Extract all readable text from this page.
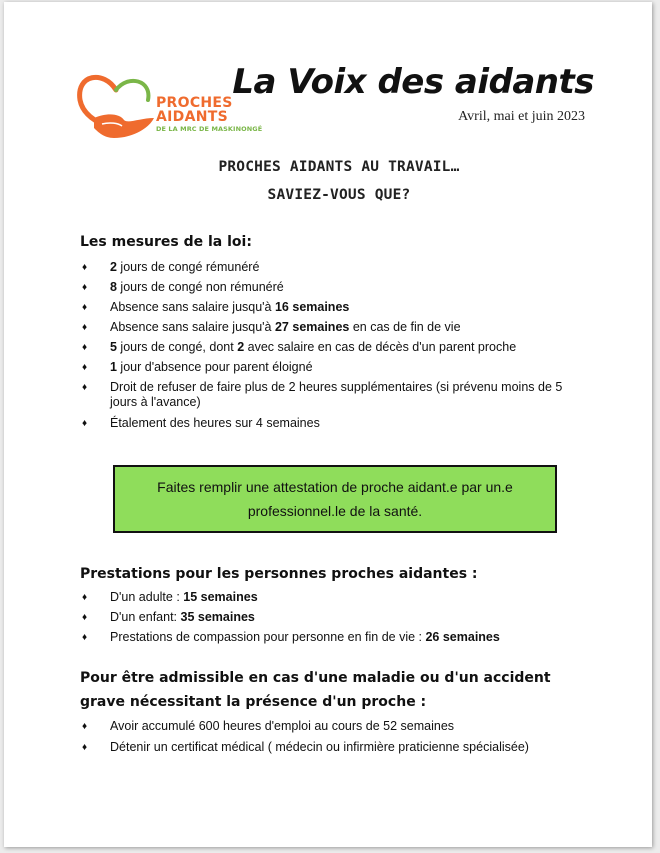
PROCHES
AIDANTS
DE LA MRC DE MASKINONGÉ
La Voix des aidants
Avril, mai et juin 2023
PROCHES AIDANTS AU TRAVAIL…
SAVIEZ-VOUS QUE?
Les mesures de la loi:
♦ 2 jours de congé rémunéré
♦ 8 jours de congé non rémunéré
♦ Absence sans salaire jusqu'à 16 semaines
♦ Absence sans salaire jusqu'à 27 semaines en cas de fin de vie
♦ 5 jours de congé, dont 2 avec salaire en cas de décès d'un parent proche
♦ 1 jour d'absence pour parent éloigné
♦ Droit de refuser de faire plus de 2 heures supplémentaires (si prévenu moins de 5 jours à l'avance)
♦ Étalement des heures sur 4 semaines
Faites remplir une attestation de proche aidant.e par un.e professionnel.le de la santé.
Prestations pour les personnes proches aidantes :
♦ D'un adulte : 15 semaines
♦ D'un enfant: 35 semaines
♦ Prestations de compassion pour personne en fin de vie : 26 semaines
Pour être admissible en cas d'une maladie ou d'un accident grave nécessitant la présence d'un proche :
♦ Avoir accumulé 600 heures d'emploi au cours de 52 semaines
♦ Détenir un certificat médical ( médecin ou infirmière praticienne spécialisée)
